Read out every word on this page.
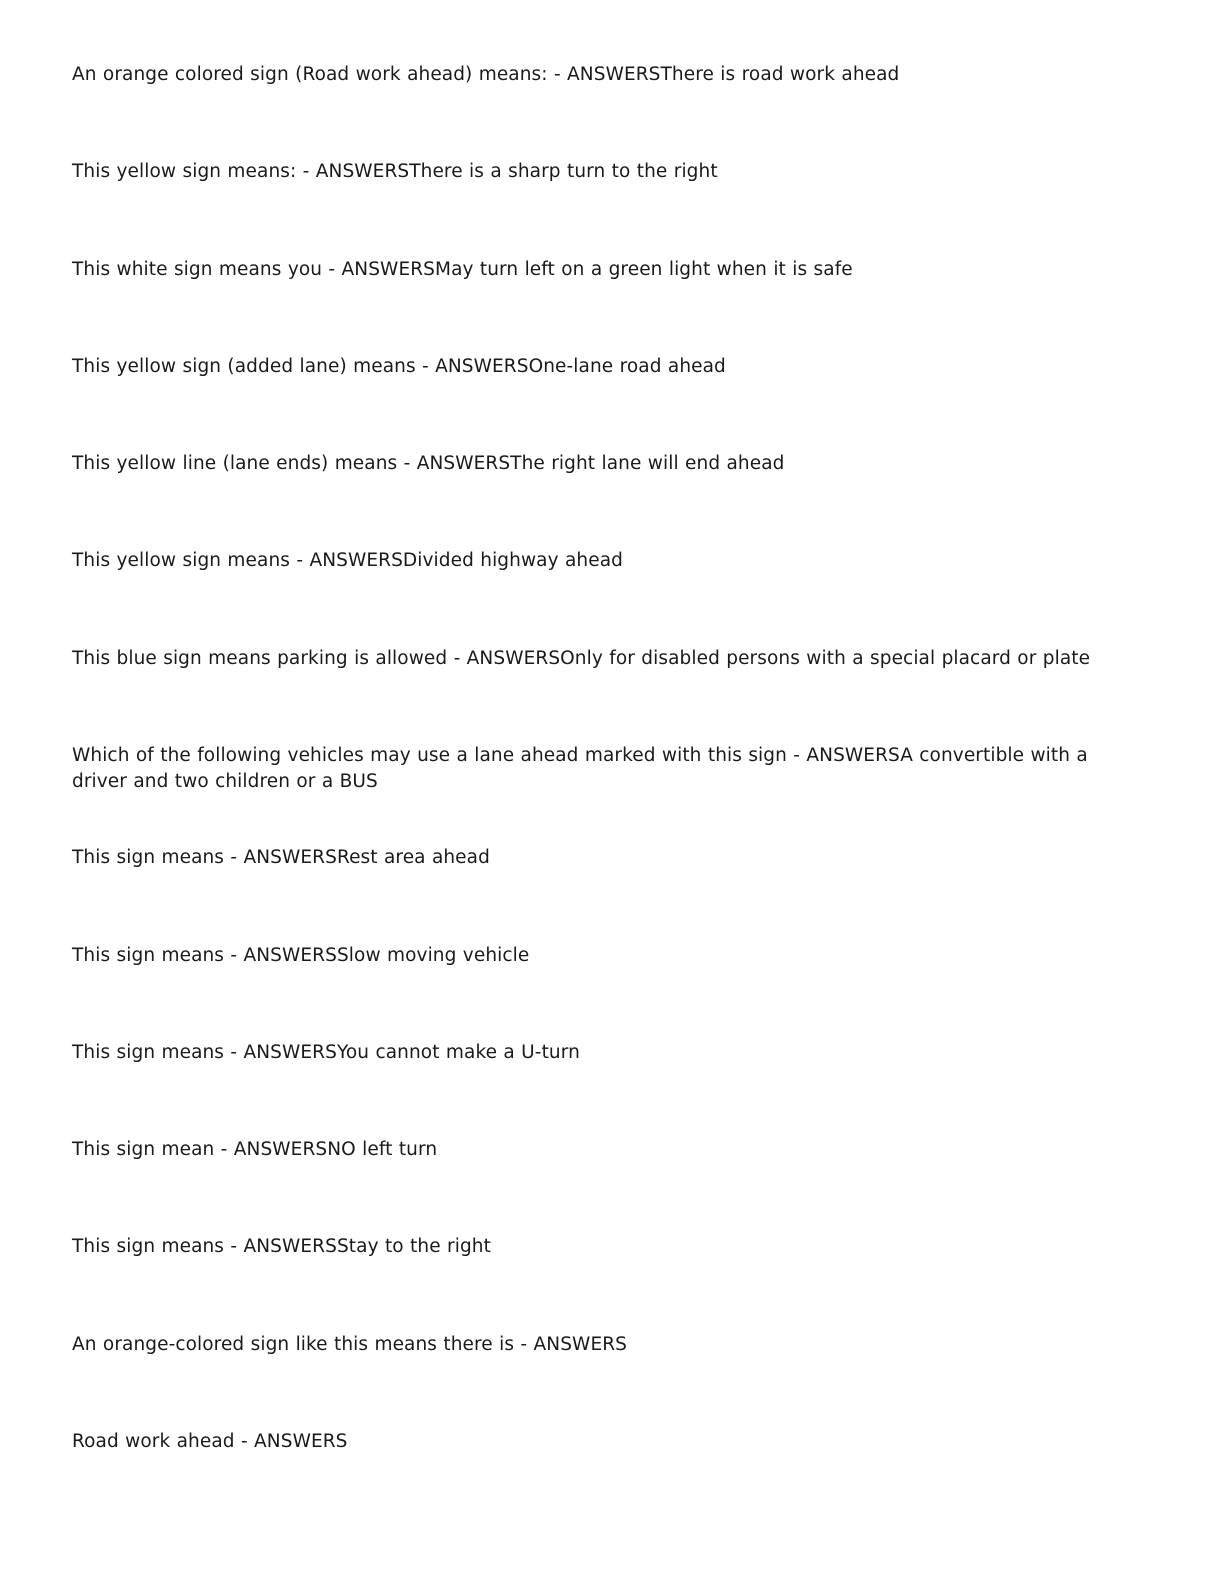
An orange colored sign (Road work ahead) means: - ANSWERSThere is road work ahead

This yellow sign means: - ANSWERSThere is a sharp turn to the right

This white sign means you - ANSWERSMay turn left on a green light when it is safe

This yellow sign (added lane) means - ANSWERSOne-lane road ahead

This yellow line (lane ends) means - ANSWERSThe right lane will end ahead

This yellow sign means - ANSWERSDivided highway ahead

This blue sign means parking is allowed - ANSWERSOnly for disabled persons with a special placard or plate

Which of the following vehicles may use a lane ahead marked with this sign - ANSWERSA convertible with a driver and two children or a BUS

This sign means - ANSWERSRest area ahead

This sign means - ANSWERSSlow moving vehicle

This sign means - ANSWERSYou cannot make a U-turn

This sign mean - ANSWERSNO left turn

This sign means - ANSWERSStay to the right

An orange-colored sign like this means there is - ANSWERS

Road work ahead - ANSWERS
